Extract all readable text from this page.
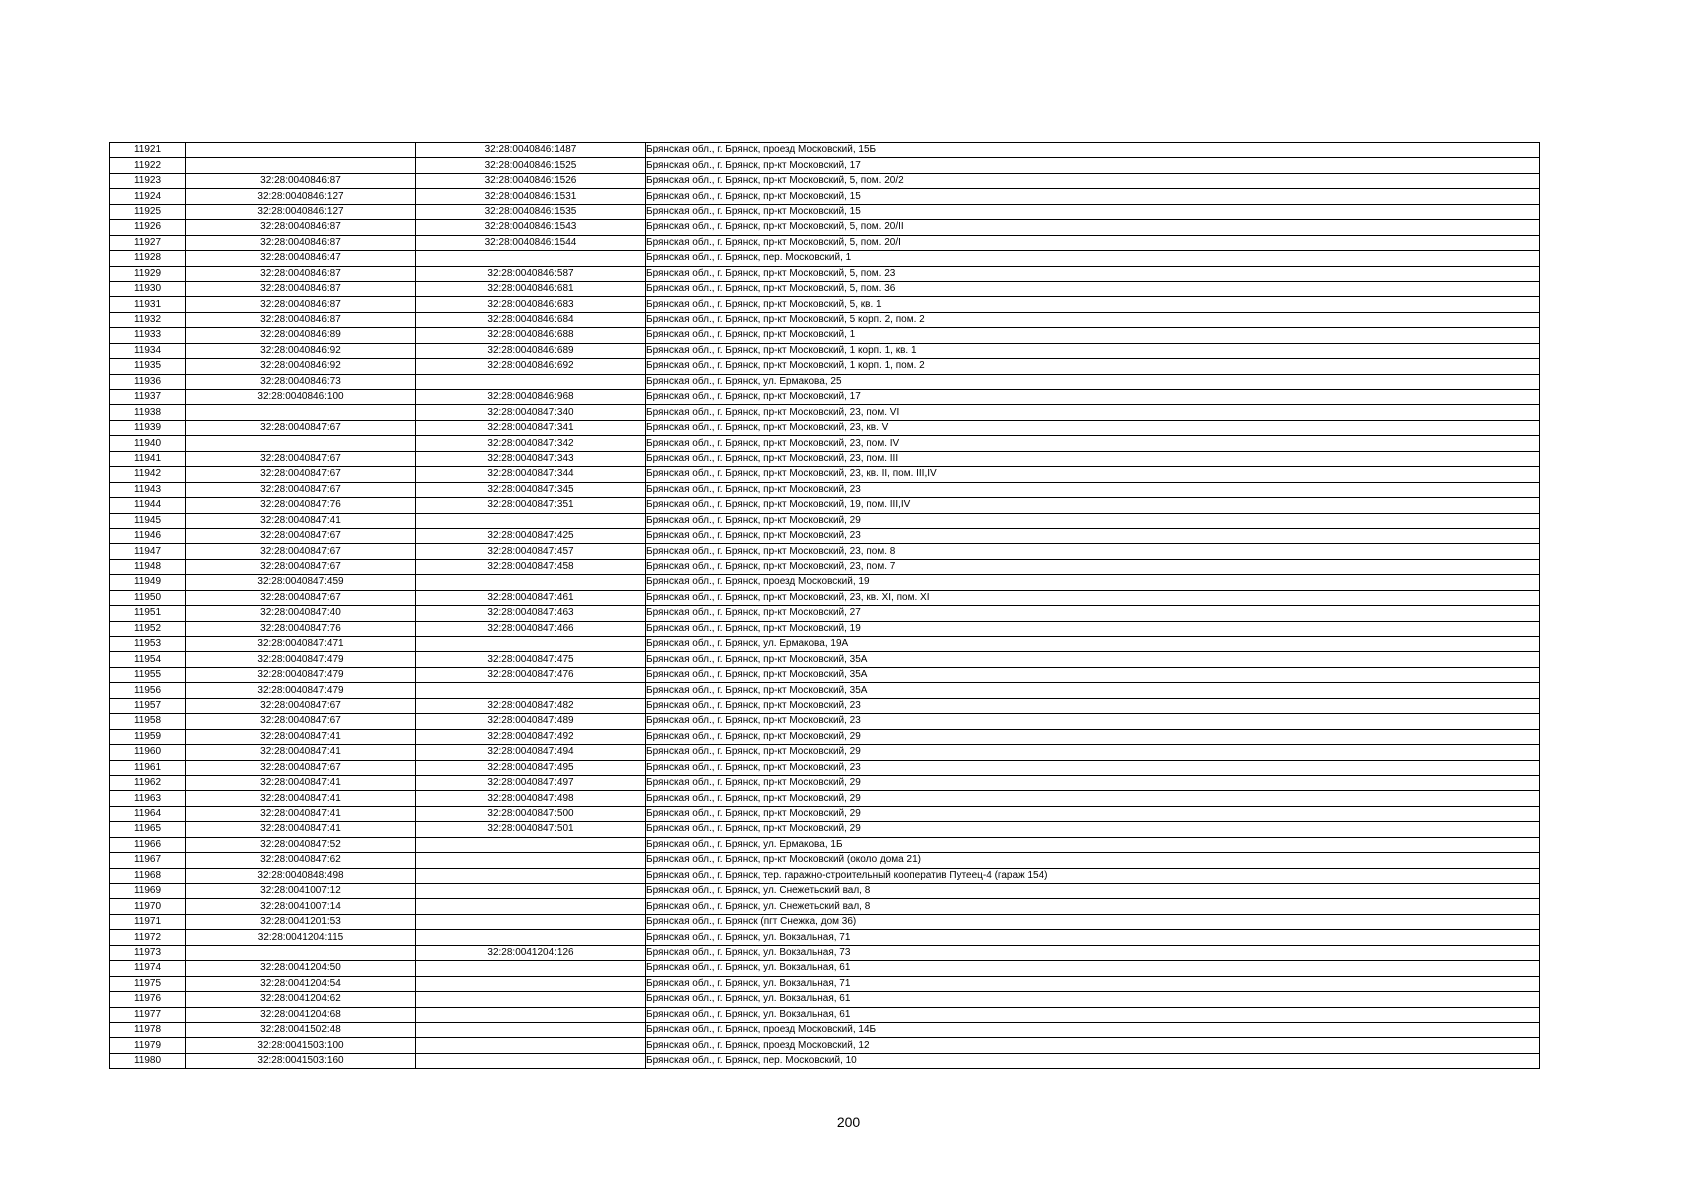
11921		32:28:0040846:1487	Брянская обл., г. Брянск, проезд Московский, 15Б
11922		32:28:0040846:1525	Брянская обл., г. Брянск, пр-кт Московский, 17
11923	32:28:0040846:87	32:28:0040846:1526	Брянская обл., г. Брянск, пр-кт Московский, 5, пом. 20/2
11924	32:28:0040846:127	32:28:0040846:1531	Брянская обл., г. Брянск, пр-кт Московский, 15
11925	32:28:0040846:127	32:28:0040846:1535	Брянская обл., г. Брянск, пр-кт Московский, 15
11926	32:28:0040846:87	32:28:0040846:1543	Брянская обл., г. Брянск, пр-кт Московский, 5, пом. 20/II
11927	32:28:0040846:87	32:28:0040846:1544	Брянская обл., г. Брянск, пр-кт Московский, 5, пом. 20/I
11928	32:28:0040846:47		Брянская обл., г. Брянск, пер. Московский, 1
11929	32:28:0040846:87	32:28:0040846:587	Брянская обл., г. Брянск, пр-кт Московский, 5, пом. 23
11930	32:28:0040846:87	32:28:0040846:681	Брянская обл., г. Брянск, пр-кт Московский, 5, пом. 36
11931	32:28:0040846:87	32:28:0040846:683	Брянская обл., г. Брянск, пр-кт Московский, 5, кв. 1
11932	32:28:0040846:87	32:28:0040846:684	Брянская обл., г. Брянск, пр-кт Московский, 5 корп. 2, пом. 2
11933	32:28:0040846:89	32:28:0040846:688	Брянская обл., г. Брянск, пр-кт Московский, 1
11934	32:28:0040846:92	32:28:0040846:689	Брянская обл., г. Брянск, пр-кт Московский, 1 корп. 1, кв. 1
11935	32:28:0040846:92	32:28:0040846:692	Брянская обл., г. Брянск, пр-кт Московский, 1 корп. 1, пом. 2
11936	32:28:0040846:73		Брянская обл., г. Брянск, ул. Ермакова, 25
11937	32:28:0040846:100	32:28:0040846:968	Брянская обл., г. Брянск, пр-кт Московский, 17
11938		32:28:0040847:340	Брянская обл., г. Брянск, пр-кт Московский, 23, пом. VI
11939	32:28:0040847:67	32:28:0040847:341	Брянская обл., г. Брянск, пр-кт Московский, 23, кв. V
11940		32:28:0040847:342	Брянская обл., г. Брянск, пр-кт Московский, 23, пом. IV
11941	32:28:0040847:67	32:28:0040847:343	Брянская обл., г. Брянск, пр-кт Московский, 23, пом. III
11942	32:28:0040847:67	32:28:0040847:344	Брянская обл., г. Брянск, пр-кт Московский, 23, кв. II, пом. III,IV
11943	32:28:0040847:67	32:28:0040847:345	Брянская обл., г. Брянск, пр-кт Московский, 23
11944	32:28:0040847:76	32:28:0040847:351	Брянская обл., г. Брянск, пр-кт Московский, 19, пом. III,IV
11945	32:28:0040847:41		Брянская обл., г. Брянск, пр-кт Московский, 29
11946	32:28:0040847:67	32:28:0040847:425	Брянская обл., г. Брянск, пр-кт Московский, 23
11947	32:28:0040847:67	32:28:0040847:457	Брянская обл., г. Брянск, пр-кт Московский, 23, пом. 8
11948	32:28:0040847:67	32:28:0040847:458	Брянская обл., г. Брянск, пр-кт Московский, 23, пом. 7
11949	32:28:0040847:459		Брянская обл., г. Брянск, проезд Московский, 19
11950	32:28:0040847:67	32:28:0040847:461	Брянская обл., г. Брянск, пр-кт Московский, 23, кв. XI, пом. XI
11951	32:28:0040847:40	32:28:0040847:463	Брянская обл., г. Брянск, пр-кт Московский, 27
11952	32:28:0040847:76	32:28:0040847:466	Брянская обл., г. Брянск, пр-кт Московский, 19
11953	32:28:0040847:471		Брянская обл., г. Брянск, ул. Ермакова, 19А
11954	32:28:0040847:479	32:28:0040847:475	Брянская обл., г. Брянск, пр-кт Московский, 35А
11955	32:28:0040847:479	32:28:0040847:476	Брянская обл., г. Брянск, пр-кт Московский, 35А
11956	32:28:0040847:479		Брянская обл., г. Брянск, пр-кт Московский, 35А
11957	32:28:0040847:67	32:28:0040847:482	Брянская обл., г. Брянск, пр-кт Московский, 23
11958	32:28:0040847:67	32:28:0040847:489	Брянская обл., г. Брянск, пр-кт Московский, 23
11959	32:28:0040847:41	32:28:0040847:492	Брянская обл., г. Брянск, пр-кт Московский, 29
11960	32:28:0040847:41	32:28:0040847:494	Брянская обл., г. Брянск, пр-кт Московский, 29
11961	32:28:0040847:67	32:28:0040847:495	Брянская обл., г. Брянск, пр-кт Московский, 23
11962	32:28:0040847:41	32:28:0040847:497	Брянская обл., г. Брянск, пр-кт Московский, 29
11963	32:28:0040847:41	32:28:0040847:498	Брянская обл., г. Брянск, пр-кт Московский, 29
11964	32:28:0040847:41	32:28:0040847:500	Брянская обл., г. Брянск, пр-кт Московский, 29
11965	32:28:0040847:41	32:28:0040847:501	Брянская обл., г. Брянск, пр-кт Московский, 29
11966	32:28:0040847:52		Брянская обл., г. Брянск, ул. Ермакова, 1Б
11967	32:28:0040847:62		Брянская обл., г. Брянск, пр-кт Московский (около дома 21)
11968	32:28:0040848:498		Брянская обл., г. Брянск, тер. гаражно-строительный кооператив Путеец-4 (гараж 154)
11969	32:28:0041007:12		Брянская обл., г. Брянск, ул. Снежетьский вал, 8
11970	32:28:0041007:14		Брянская обл., г. Брянск, ул. Снежетьский вал, 8
11971	32:28:0041201:53		Брянская обл., г. Брянск (пгт Снежка, дом 36)
11972	32:28:0041204:115		Брянская обл., г. Брянск, ул. Вокзальная, 71
11973		32:28:0041204:126	Брянская обл., г. Брянск, ул. Вокзальная, 73
11974	32:28:0041204:50		Брянская обл., г. Брянск, ул. Вокзальная, 61
11975	32:28:0041204:54		Брянская обл., г. Брянск, ул. Вокзальная, 71
11976	32:28:0041204:62		Брянская обл., г. Брянск, ул. Вокзальная, 61
11977	32:28:0041204:68		Брянская обл., г. Брянск, ул. Вокзальная, 61
11978	32:28:0041502:48		Брянская обл., г. Брянск, проезд Московский, 14Б
11979	32:28:0041503:100		Брянская обл., г. Брянск, проезд Московский, 12
11980	32:28:0041503:160		Брянская обл., г. Брянск, пер. Московский, 10
200
